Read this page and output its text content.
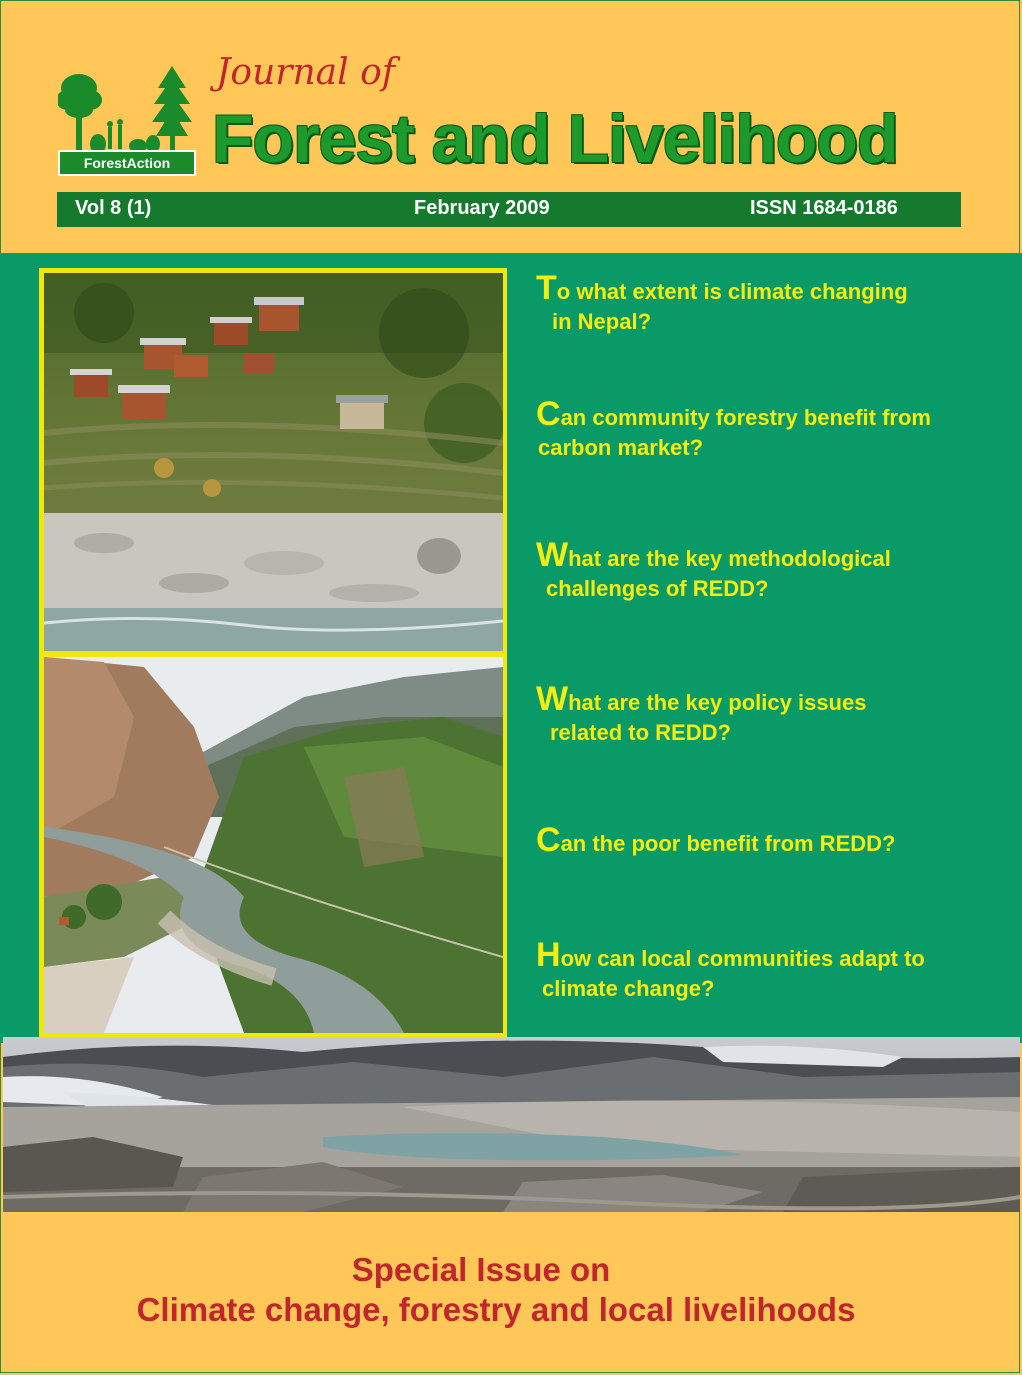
ForestAction
Journal of
Forest and Livelihood
Vol 8 (1)	February 2009	ISSN 1684-0186
To what extent is climate changing
in Nepal?
Can community forestry benefit from
carbon market?
What are the key methodological
challenges of REDD?
What are the key policy issues
related to REDD?
Can the poor benefit from REDD?
How can local communities adapt to
climate change?
Special Issue on
Climate change, forestry and local livelihoods
